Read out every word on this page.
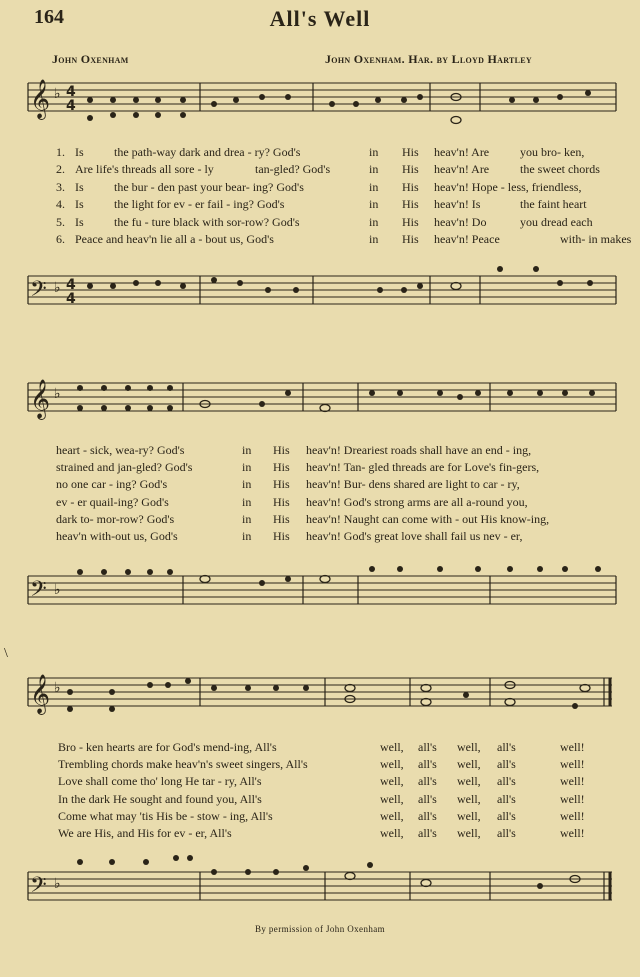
164	All's Well
John Oxenham	John Oxenham. Har. by Lloyd Hartley
𝄞
𝄢
𝄞
𝄢
𝄞
𝄢
♭
♭
♭
♭
♭
♭
4
4
4
4
1. Is	the path-way dark and drea - ry? God's	in His heav'n! Are	you bro- ken,
2. Are life's threads all sore - ly	tan-gled? God's	in His heav'n! Are	the sweet chords
3. Is	the bur - den past your bear- ing? God's	in His heav'n! Hope - less, friendless,
4. Is	the light for ev - er fail - ing? God's	in His heav'n! Is	the faint heart
5. Is	the fu - ture black with sor-row? God's	in His heav'n! Do	you dread each
6. Peace and heav'n lie all a - bout us, God's	in His heav'n! Peace	with- in makes
heart - sick, wea-ry? God's	in His heav'n! Dreariest roads shall have an end - ing,
strained and jan-gled? God's	in His heav'n! Tan- gled threads are for Love's fin-gers,
no one car - ing? God's	in His heav'n! Bur- dens shared are light to car - ry,
ev - er quail-ing? God's	in His heav'n! God's strong arms are all a-round you,
dark to- mor-row? God's	in His heav'n! Naught can come with - out His know-ing,
heav'n with-out us, God's	in His heav'n! God's great love shall fail us nev - er,
Bro - ken hearts are for God's mend-ing, All's	well, all's well, all's	well!
Trembling chords make heav'n's sweet singers, All's	well, all's well, all's	well!
Love shall come tho' long He tar - ry, All's	well, all's well, all's	well!
In the dark He sought and found you, All's	well, all's well, all's	well!
Come what may 'tis His be - stow - ing, All's	well, all's well, all's	well!
We are His, and His for ev - er, All's	well, all's well, all's	well!
\
By permission of John Oxenham
